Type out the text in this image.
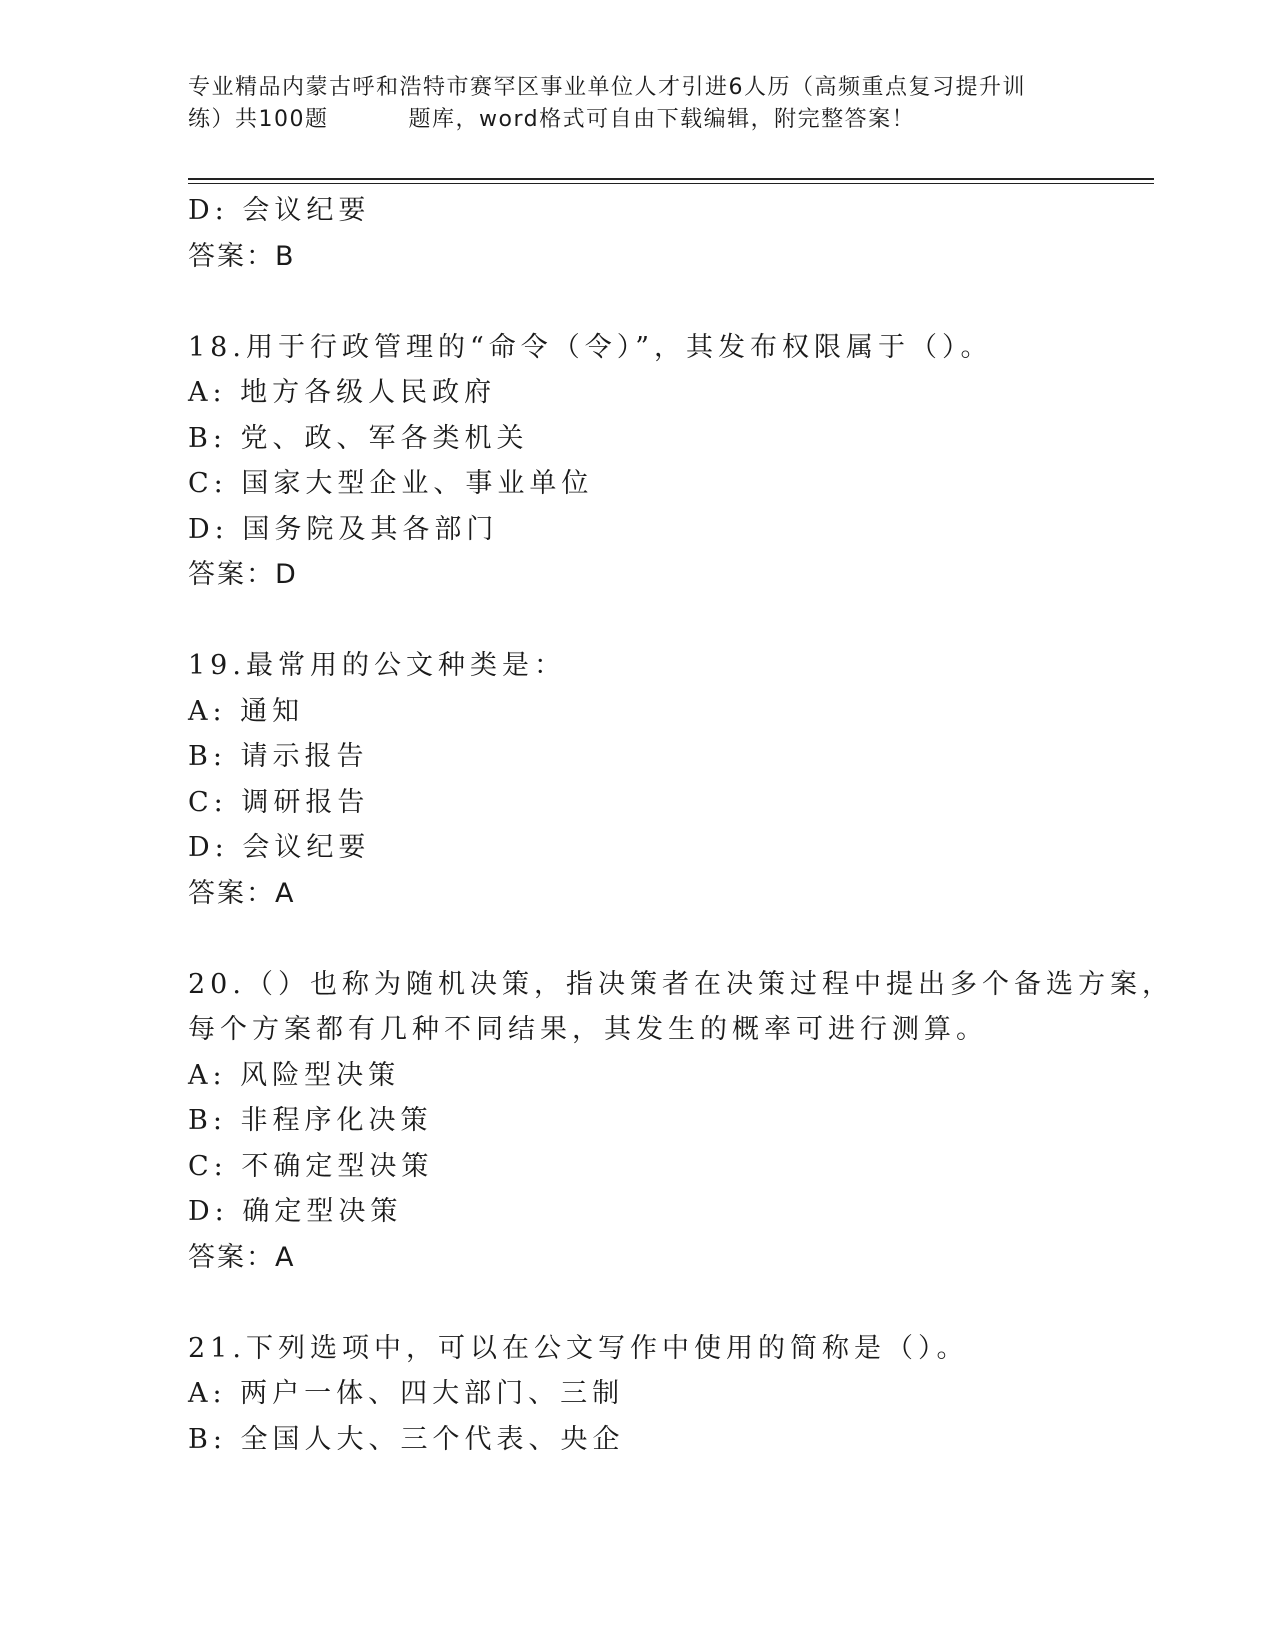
专业精品内蒙古呼和浩特市赛罕区事业单位人才引进6人历（高频重点复习提升训
练）共100题	题库，word格式可自由下载编辑，附完整答案！
D: 会议纪要
答案：B
18.用于行政管理的“命令（令）”，其发布权限属于（）。
A: 地方各级人民政府
B: 党、政、军各类机关
C: 国家大型企业、事业单位
D: 国务院及其各部门
答案：D
19.最常用的公文种类是：
A: 通知
B: 请示报告
C: 调研报告
D: 会议纪要
答案：A
20.（）也称为随机决策，指决策者在决策过程中提出多个备选方案，
每个方案都有几种不同结果，其发生的概率可进行测算。
A: 风险型决策
B: 非程序化决策
C: 不确定型决策
D: 确定型决策
答案：A
21.下列选项中，可以在公文写作中使用的简称是（）。
A: 两户一体、四大部门、三制
B: 全国人大、三个代表、央企
